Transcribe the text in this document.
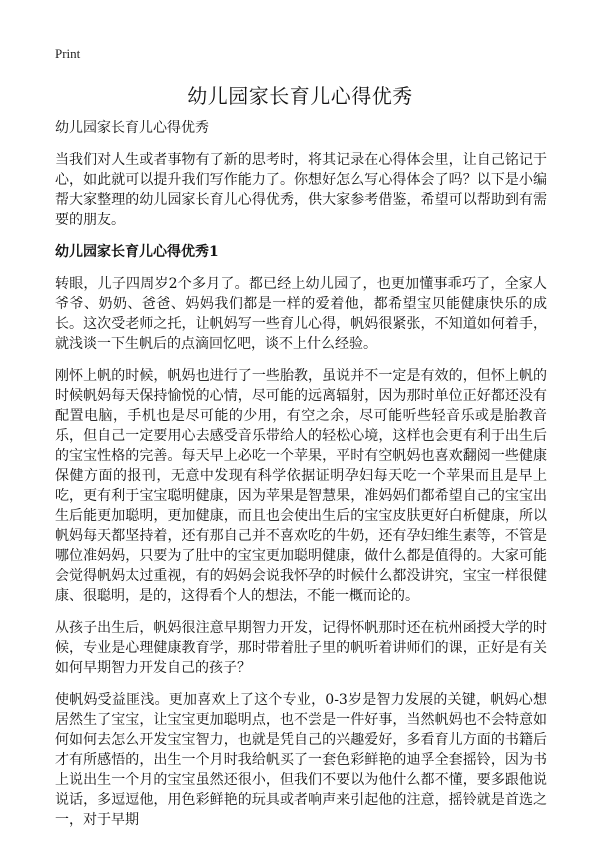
Print
幼儿园家长育儿心得优秀

幼儿园家长育儿心得优秀

当我们对人生或者事物有了新的思考时，将其记录在心得体会里，让自己铭记于心，如此就可以提升我们写作能力了。你想好怎么写心得体会了吗？以下是小编帮大家整理的幼儿园家长育儿心得优秀，供大家参考借鉴，希望可以帮助到有需要的朋友。

幼儿园家长育儿心得优秀1

转眼，儿子四周岁2个多月了。都已经上幼儿园了，也更加懂事乖巧了，全家人爷爷、奶奶、爸爸、妈妈我们都是一样的爱着他，都希望宝贝能健康快乐的成长。这次受老师之托，让帆妈写一些育儿心得，帆妈很紧张，不知道如何着手，就浅谈一下生帆后的点滴回忆吧，谈不上什么经验。

刚怀上帆的时候，帆妈也进行了一些胎教，虽说并不一定是有效的，但怀上帆的时候帆妈每天保持愉悦的心情，尽可能的远离辐射，因为那时单位正好都还没有配置电脑，手机也是尽可能的少用，有空之余，尽可能听些轻音乐或是胎教音乐，但自己一定要用心去感受音乐带给人的轻松心境，这样也会更有利于出生后的宝宝性格的完善。每天早上必吃一个苹果，平时有空帆妈也喜欢翻阅一些健康保健方面的报刊，无意中发现有科学依据证明孕妇每天吃一个苹果而且是早上吃，更有利于宝宝聪明健康，因为苹果是智慧果，准妈妈们都希望自己的宝宝出生后能更加聪明，更加健康，而且也会使出生后的宝宝皮肤更好白析健康，所以帆妈每天都坚持着，还有那自己并不喜欢吃的牛奶，还有孕妇维生素等，不管是哪位准妈妈，只要为了肚中的宝宝更加聪明健康，做什么都是值得的。大家可能会觉得帆妈太过重视，有的妈妈会说我怀孕的时候什么都没讲究，宝宝一样很健康、很聪明，是的，这得看个人的想法，不能一概而论的。

从孩子出生后，帆妈很注意早期智力开发，记得怀帆那时还在杭州函授大学的时候，专业是心理健康教育学，那时带着肚子里的帆听着讲师们的课，正好是有关如何早期智力开发自己的孩子？

使帆妈受益匪浅。更加喜欢上了这个专业，0-3岁是智力发展的关键，帆妈心想居然生了宝宝，让宝宝更加聪明点，也不尝是一件好事，当然帆妈也不会特意如何如何去怎么开发宝宝智力，也就是凭自己的兴趣爱好，多看育儿方面的书籍后才有所感悟的，出生一个月时我给帆买了一套色彩鲜艳的迪孚全套摇铃，因为书上说出生一个月的宝宝虽然还很小，但我们不要以为他什么都不懂，要多跟他说说话，多逗逗他，用色彩鲜艳的玩具或者响声来引起他的注意，摇铃就是首选之一，对于早期
